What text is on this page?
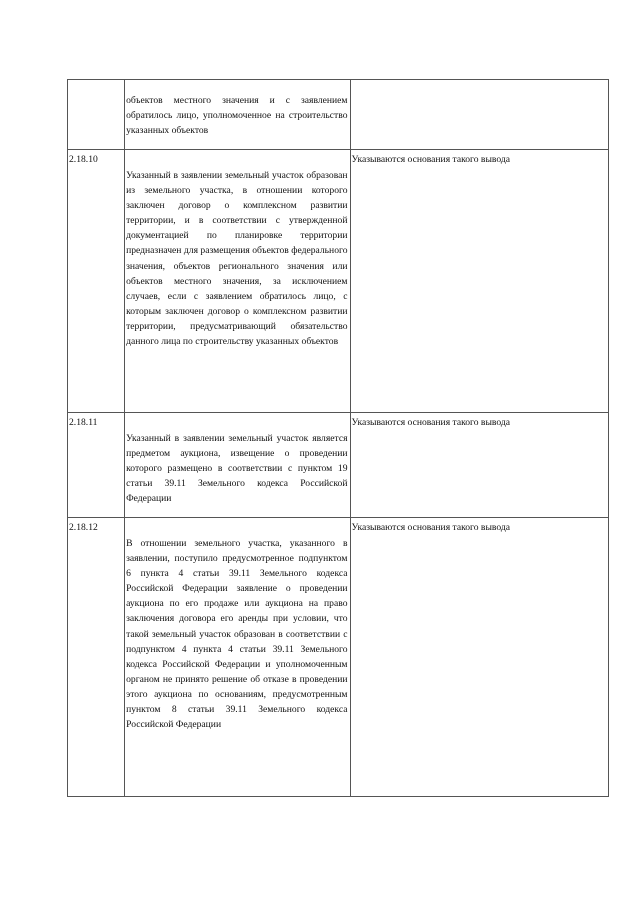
	объектов местного значения и с заявлением обратилось лицо, уполномоченное на строительство указанных объектов	

2.18.10	Указанный в заявлении земельный участок образован из земельного участка, в отношении которого заключен договор о комплексном развитии территории, и в соответствии с утвержденной документацией по планировке территории предназначен для размещения объектов федерального значения, объектов регионального значения или объектов местного значения, за исключением случаев, если с заявлением обратилось лицо, с которым заключен договор о комплексном развитии территории, предусматривающий обязательство данного лица по строительству указанных объектов	Указываются основания такого вывода
2.18.11	Указанный в заявлении земельный участок является предметом аукциона, извещение о проведении которого размещено в соответствии с пунктом 19 статьи 39.11 Земельного кодекса Российской Федерации	Указываются основания такого вывода
2.18.12	В отношении земельного участка, указанного в заявлении, поступило предусмотренное подпунктом 6 пункта 4 статьи 39.11 Земельного кодекса Российской Федерации заявление о проведении аукциона по его продаже или аукциона на право заключения договора его аренды при условии, что такой земельный участок образован в соответствии с подпунктом 4 пункта 4 статьи 39.11 Земельного кодекса Российской Федерации и уполномоченным органом не принято решение об отказе в проведении этого аукциона по основаниям, предусмотренным пунктом 8 статьи 39.11 Земельного кодекса Российской Федерации	Указываются основания такого вывода
